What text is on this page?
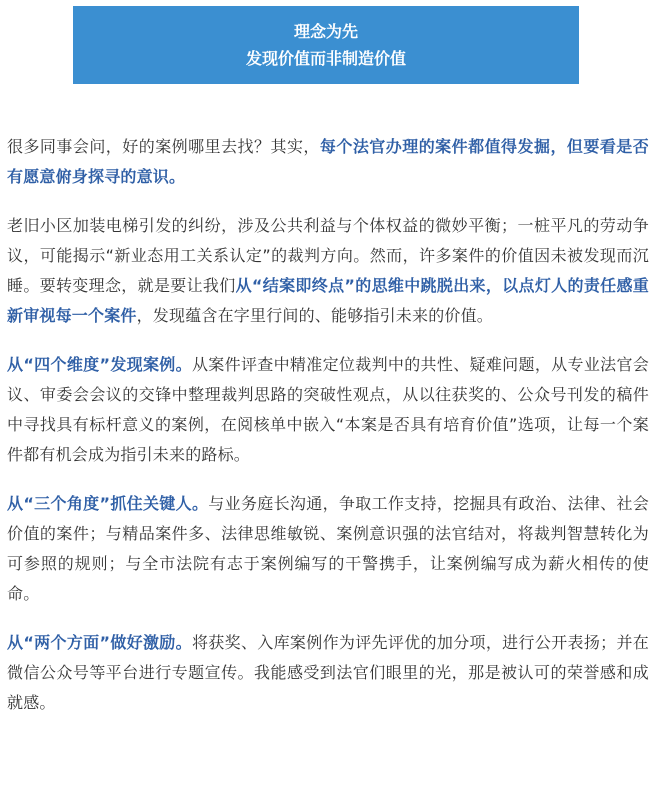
理念为先
发现价值而非制造价值

很多同事会问，好的案例哪里去找？其实，每个法官办理的案件都值得发掘，但要看是否有愿意俯身探寻的意识。

老旧小区加装电梯引发的纠纷，涉及公共利益与个体权益的微妙平衡；一桩平凡的劳动争议，可能揭示“新业态用工关系认定”的裁判方向。然而，许多案件的价值因未被发现而沉睡。要转变理念，就是要让我们从“结案即终点”的思维中跳脱出来，以点灯人的责任感重新审视每一个案件，发现蕴含在字里行间的、能够指引未来的价值。

从“四个维度”发现案例。从案件评查中精准定位裁判中的共性、疑难问题，从专业法官会议、审委会会议的交锋中整理裁判思路的突破性观点，从以往获奖的、公众号刊发的稿件中寻找具有标杆意义的案例，在阅核单中嵌入“本案是否具有培育价值”选项，让每一个案件都有机会成为指引未来的路标。

从“三个角度”抓住关键人。与业务庭长沟通，争取工作支持，挖掘具有政治、法律、社会价值的案件；与精品案件多、法律思维敏锐、案例意识强的法官结对，将裁判智慧转化为可参照的规则；与全市法院有志于案例编写的干警携手，让案例编写成为薪火相传的使命。

从“两个方面”做好激励。将获奖、入库案例作为评先评优的加分项，进行公开表扬；并在微信公众号等平台进行专题宣传。我能感受到法官们眼里的光，那是被认可的荣誉感和成就感。
